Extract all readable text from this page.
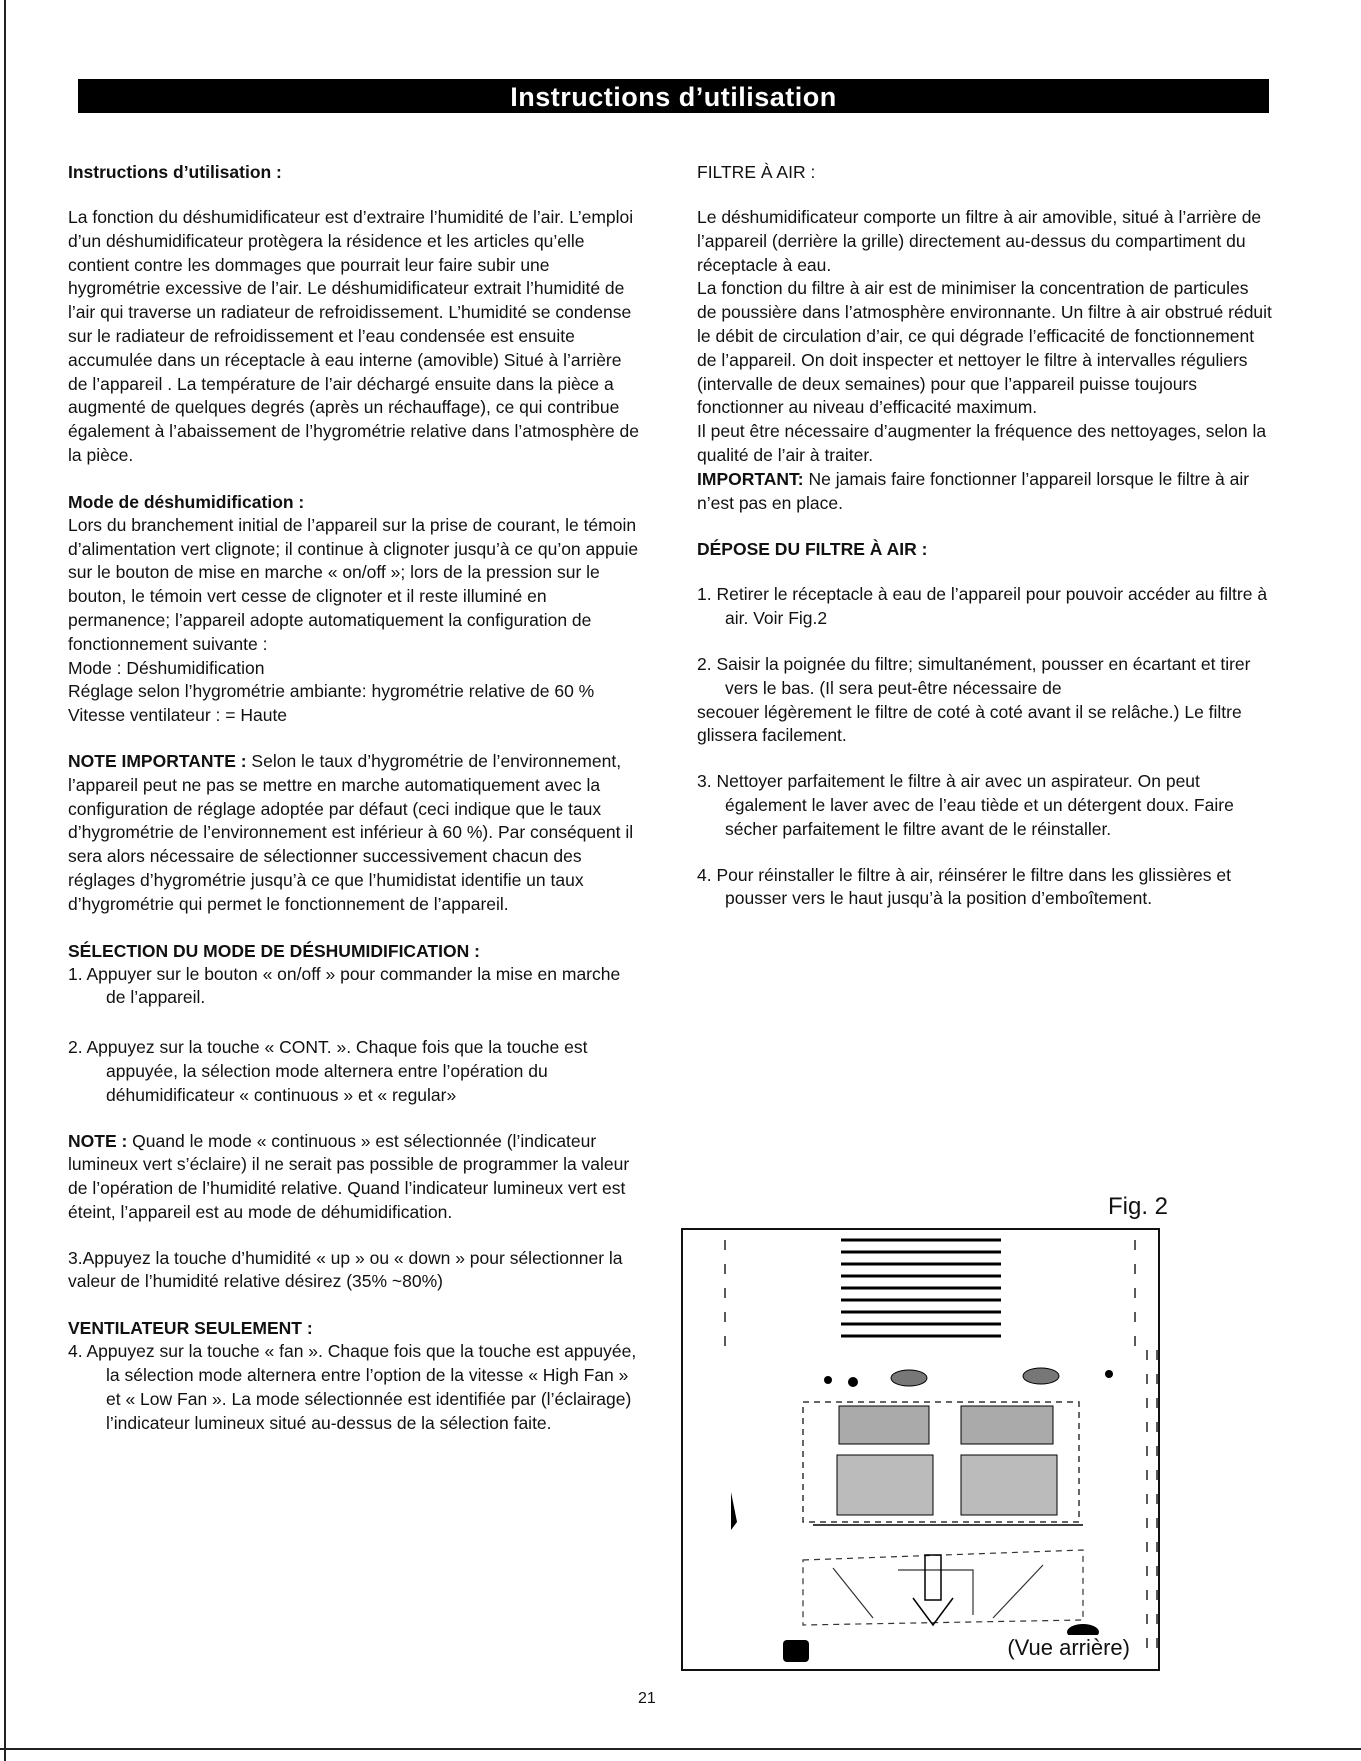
Instructions d’utilisation
Instructions d’utilisation :

La fonction du déshumidificateur est d’extraire l’humidité de l’air. L’emploi d’un déshumidificateur protègera la résidence et les articles qu’elle contient contre les dommages que pourrait leur faire subir une hygrométrie excessive de l’air. Le déshumidificateur extrait l’humidité de l’air qui traverse un radiateur de refroidissement. L’humidité se condense sur le radiateur de refroidissement et l’eau condensée est ensuite accumulée dans un réceptacle à eau interne (amovible) Situé à l’arrière de l’appareil . La température de l’air déchargé ensuite dans la pièce a augmenté de quelques degrés (après un réchauffage), ce qui contribue également à l’abaissement de l’hygrométrie relative dans l’atmosphère de la pièce.

Mode de déshumidification :

Lors du branchement initial de l’appareil sur la prise de courant, le témoin d’alimentation vert clignote; il continue à clignoter jusqu’à ce qu’on appuie sur le bouton de mise en marche « on/off »; lors de la pression sur le bouton, le témoin vert cesse de clignoter et il reste illuminé en permanence; l’appareil adopte automatiquement la configuration de fonctionnement suivante :

Mode : Déshumidification

Réglage selon l’hygrométrie ambiante: hygrométrie relative de 60 %

Vitesse ventilateur : = Haute

NOTE IMPORTANTE : Selon le taux d’hygrométrie de l’environnement, l’appareil peut ne pas se mettre en marche automatiquement avec la configuration de réglage adoptée par défaut (ceci indique que le taux d’hygrométrie de l’environnement est inférieur à 60 %). Par conséquent il sera alors nécessaire de sélectionner successivement chacun des réglages d’hygrométrie jusqu’à ce que l’humidistat identifie un taux d’hygrométrie qui permet le fonctionnement de l’appareil.

SÉLECTION DU MODE DE DÉSHUMIDIFICATION :

1. Appuyer sur le bouton « on/off » pour commander la mise en marche de l’appareil.

2. Appuyez sur la touche « CONT. ». Chaque fois que la touche est appuyée, la sélection mode alternera entre l’opération du déhumidificateur « continuous » et « regular»

NOTE : Quand le mode « continuous » est sélectionnée (l’indicateur lumineux vert s’éclaire) il ne serait pas possible de programmer la valeur de l’opération de l’humidité relative. Quand l’indicateur lumineux vert est éteint, l’appareil est au mode de déhumidification.

3.Appuyez la touche d’humidité « up » ou « down » pour sélectionner la valeur de l’humidité relative désirez (35% ~80%)

VENTILATEUR SEULEMENT :

4. Appuyez sur la touche « fan ». Chaque fois que la touche est appuyée, la sélection mode alternera entre l’option de la vitesse « High Fan » et « Low Fan ». La mode sélectionnée est identifiée par (l’éclairage) l’indicateur lumineux situé au-dessus de la sélection faite.

FILTRE À AIR :

Le déshumidificateur comporte un filtre à air amovible, situé à l’arrière de l’appareil (derrière la grille) directement au-dessus du compartiment du réceptacle à eau.

La fonction du filtre à air est de minimiser la concentration de particules de poussière dans l’atmosphère environnante. Un filtre à air obstrué réduit le débit de circulation d’air, ce qui dégrade l’efficacité de fonctionnement de l’appareil. On doit inspecter et nettoyer le filtre à intervalles réguliers (intervalle de deux semaines) pour que l’appareil puisse toujours fonctionner au niveau d’efficacité maximum.

Il peut être nécessaire d’augmenter la fréquence des nettoyages, selon la qualité de l’air à traiter.

IMPORTANT: Ne jamais faire fonctionner l’appareil lorsque le filtre à air n’est pas en place.

DÉPOSE DU FILTRE À AIR :

1. Retirer le réceptacle à eau de l’appareil pour pouvoir accéder au filtre à air. Voir Fig.2

2. Saisir la poignée du filtre; simultanément, pousser en écartant et tirer vers le bas. (Il sera peut-être nécessaire de

secouer légèrement le filtre de coté à coté avant il se relâche.) Le filtre glissera facilement.

3. Nettoyer parfaitement le filtre à air avec un aspirateur. On peut également le laver avec de l’eau tiède et un détergent doux. Faire sécher parfaitement le filtre avant de le réinstaller.

4. Pour réinstaller le filtre à air, réinsérer le filtre dans les glissières et pousser vers le haut jusqu’à la position d’emboîtement.

Fig. 2
(Vue arrière)
21
